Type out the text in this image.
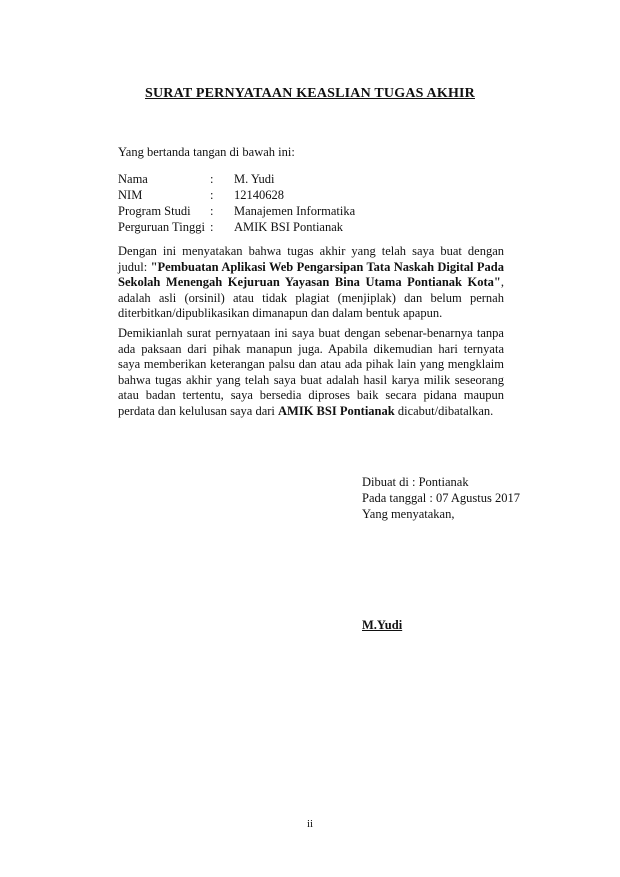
SURAT PERNYATAAN KEASLIAN TUGAS AKHIR
Yang bertanda tangan di bawah ini:
Nama	:	M. Yudi
NIM	:	12140628
Program Studi	:	Manajemen Informatika
Perguruan Tinggi :	AMIK BSI Pontianak
Dengan ini menyatakan bahwa tugas akhir yang telah saya buat dengan judul: "Pembuatan Aplikasi Web Pengarsipan Tata Naskah Digital Pada Sekolah Menengah Kejuruan Yayasan Bina Utama Pontianak Kota", adalah asli (orsinil) atau tidak plagiat (menjiplak) dan belum pernah diterbitkan/dipublikasikan dimanapun dan dalam bentuk apapun.
Demikianlah surat pernyataan ini saya buat dengan sebenar-benarnya tanpa ada paksaan dari pihak manapun juga. Apabila dikemudian hari ternyata saya memberikan keterangan palsu dan atau ada pihak lain yang mengklaim bahwa tugas akhir yang telah saya buat adalah hasil karya milik seseorang atau badan tertentu, saya bersedia diproses baik secara pidana maupun perdata dan kelulusan saya dari AMIK BSI Pontianak dicabut/dibatalkan.
Dibuat di : Pontianak
Pada tanggal : 07 Agustus 2017
Yang menyatakan,
M.Yudi
ii
